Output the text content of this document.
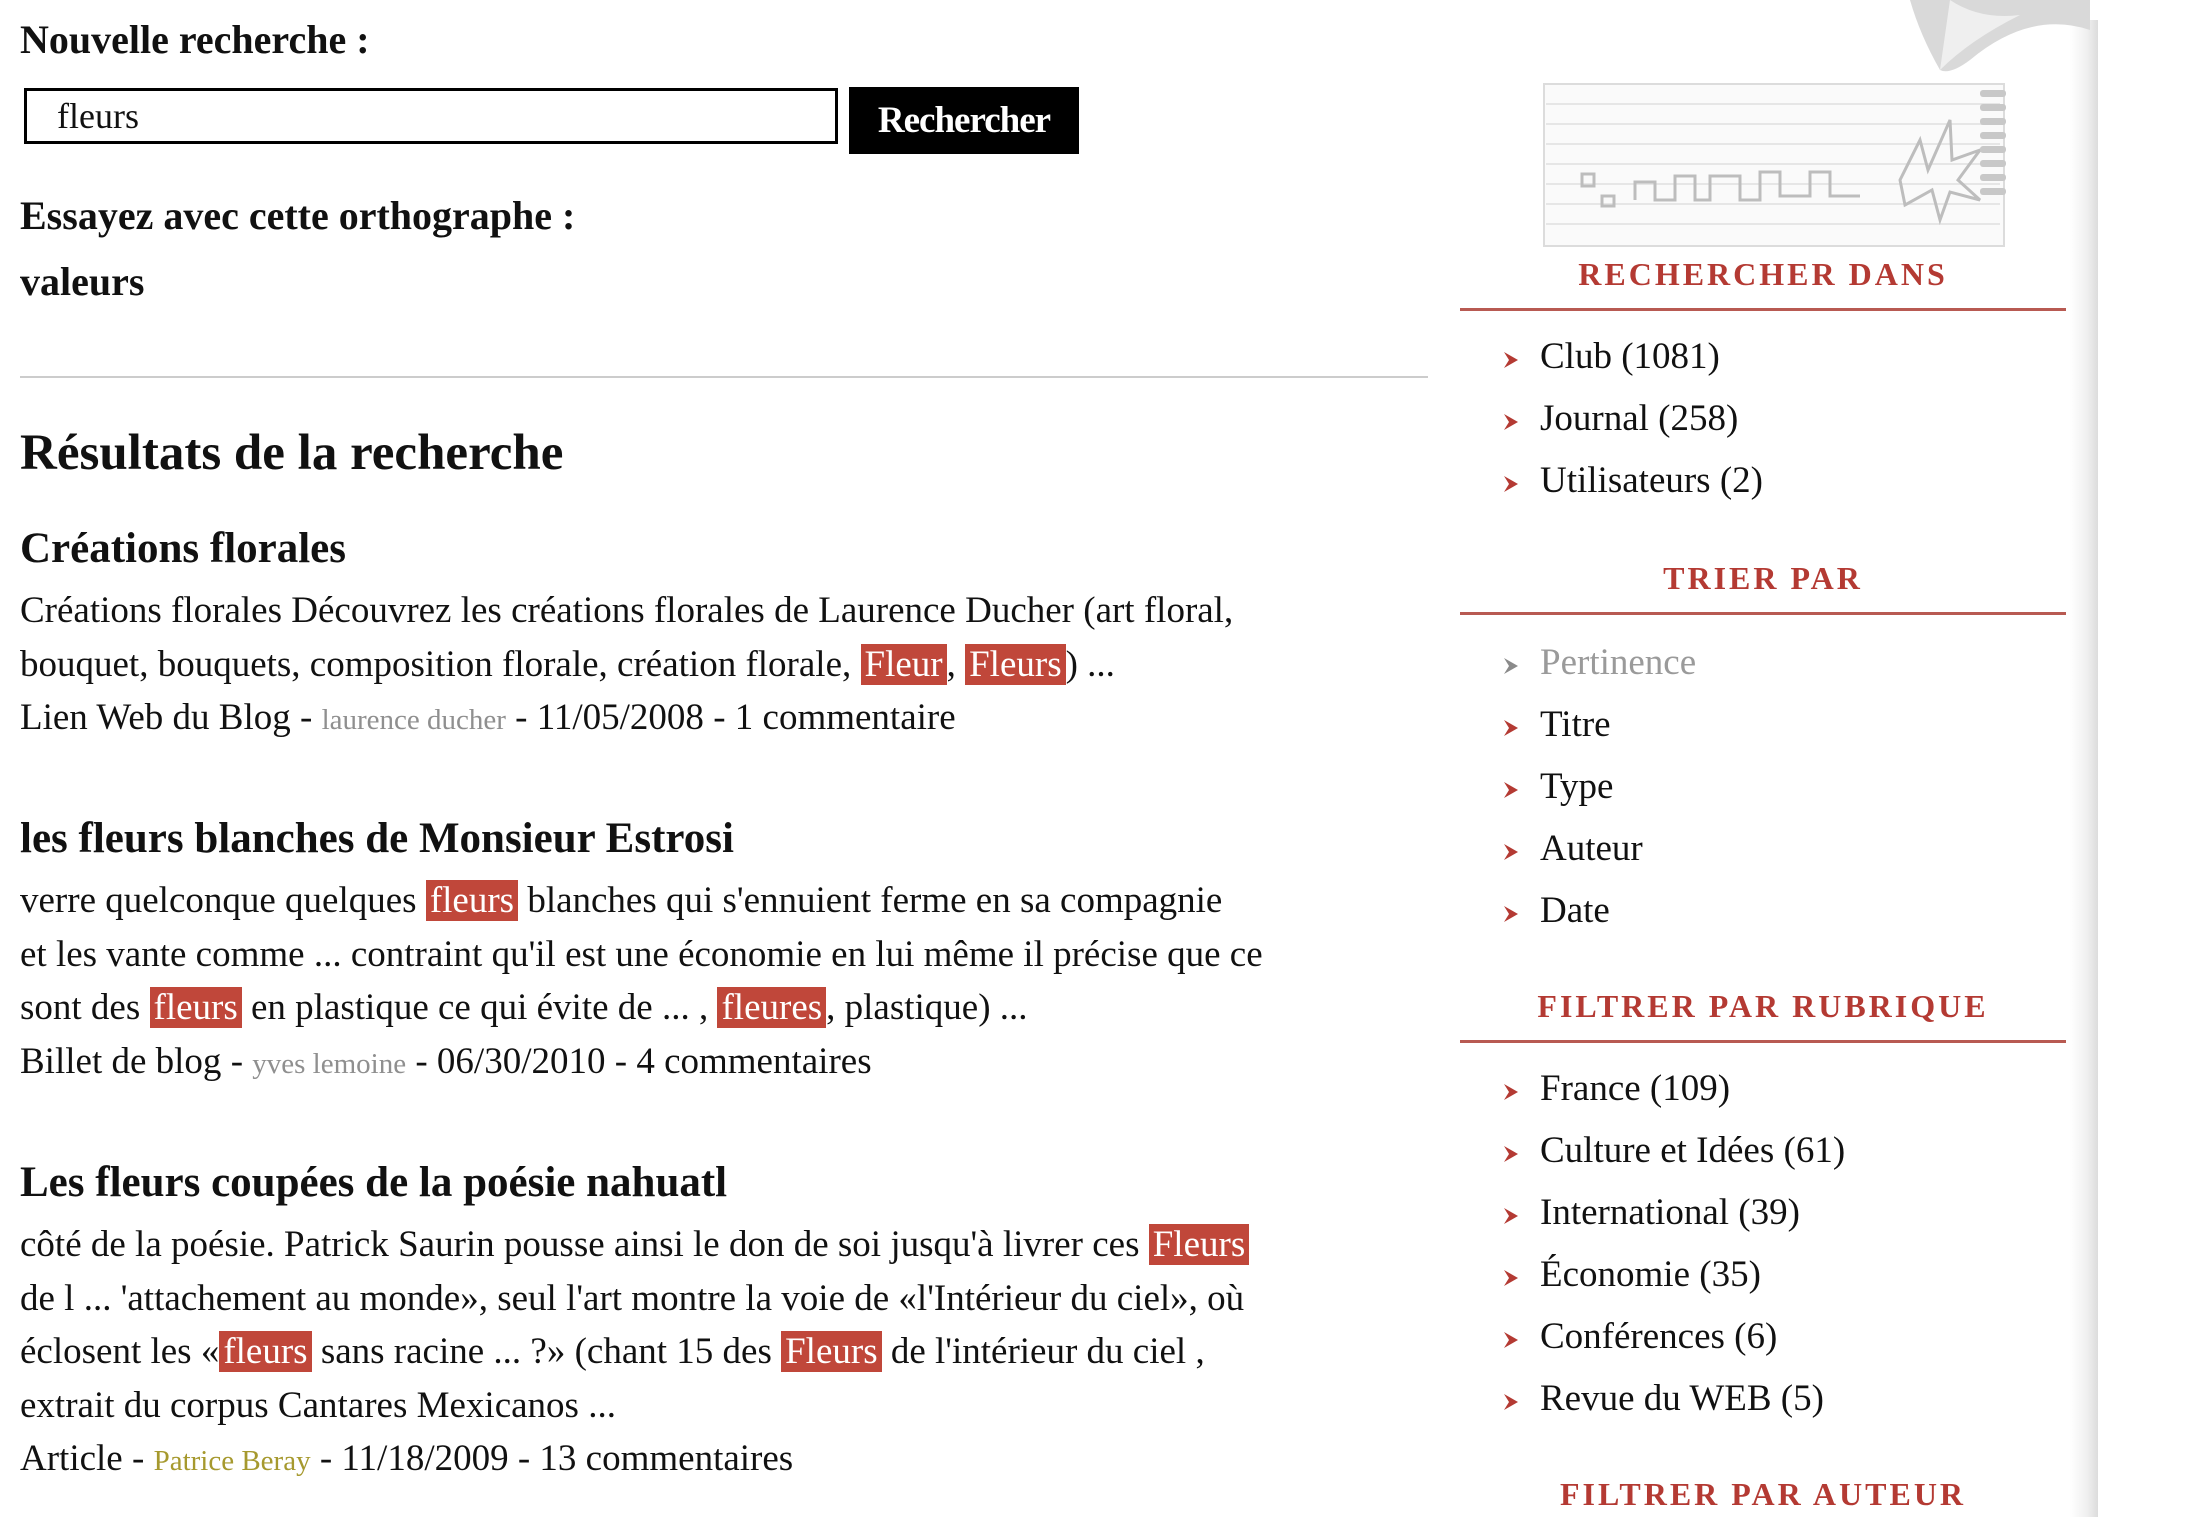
Nouvelle recherche :
fleurs
Rechercher
Essayez avec cette orthographe :
valeurs
Résultats de la recherche
Créations florales

Créations florales Découvrez les créations florales de Laurence Ducher (art floral,
bouquet, bouquets, composition florale, création florale, Fleur , Fleurs ) ...

Lien Web du Blog - laurence ducher - 11/05/2008 - 1 commentaire
les fleurs blanches de Monsieur Estrosi

verre quelconque quelques fleurs blanches qui s'ennuient ferme en sa compagnie
et les vante comme ... contraint qu'il est une économie en lui même il précise que ce
sont des fleurs en plastique ce qui évite de ... , fleures , plastique) ...

Billet de blog - yves lemoine - 06/30/2010 - 4 commentaires
Les fleurs coupées de la poésie nahuatl

côté de la poésie. Patrick Saurin pousse ainsi le don de soi jusqu'à livrer ces Fleurs
de l ... 'attachement au monde», seul l'art montre la voie de «l'Intérieur du ciel», où
éclosent les « fleurs sans racine ... ?» (chant 15 des Fleurs de l'intérieur du ciel ,
extrait du corpus Cantares Mexicanos ...

Article - Patrice Beray - 11/18/2009 - 13 commentaires
RECHERCHER DANS
Club (1081)
Journal (258)
Utilisateurs (2)
TRIER PAR
Pertinence
Titre
Type
Auteur
Date
FILTRER PAR RUBRIQUE
France (109)
Culture et Idées (61)
International (39)
Économie (35)
Conférences (6)
Revue du WEB (5)
FILTRER PAR AUTEUR
